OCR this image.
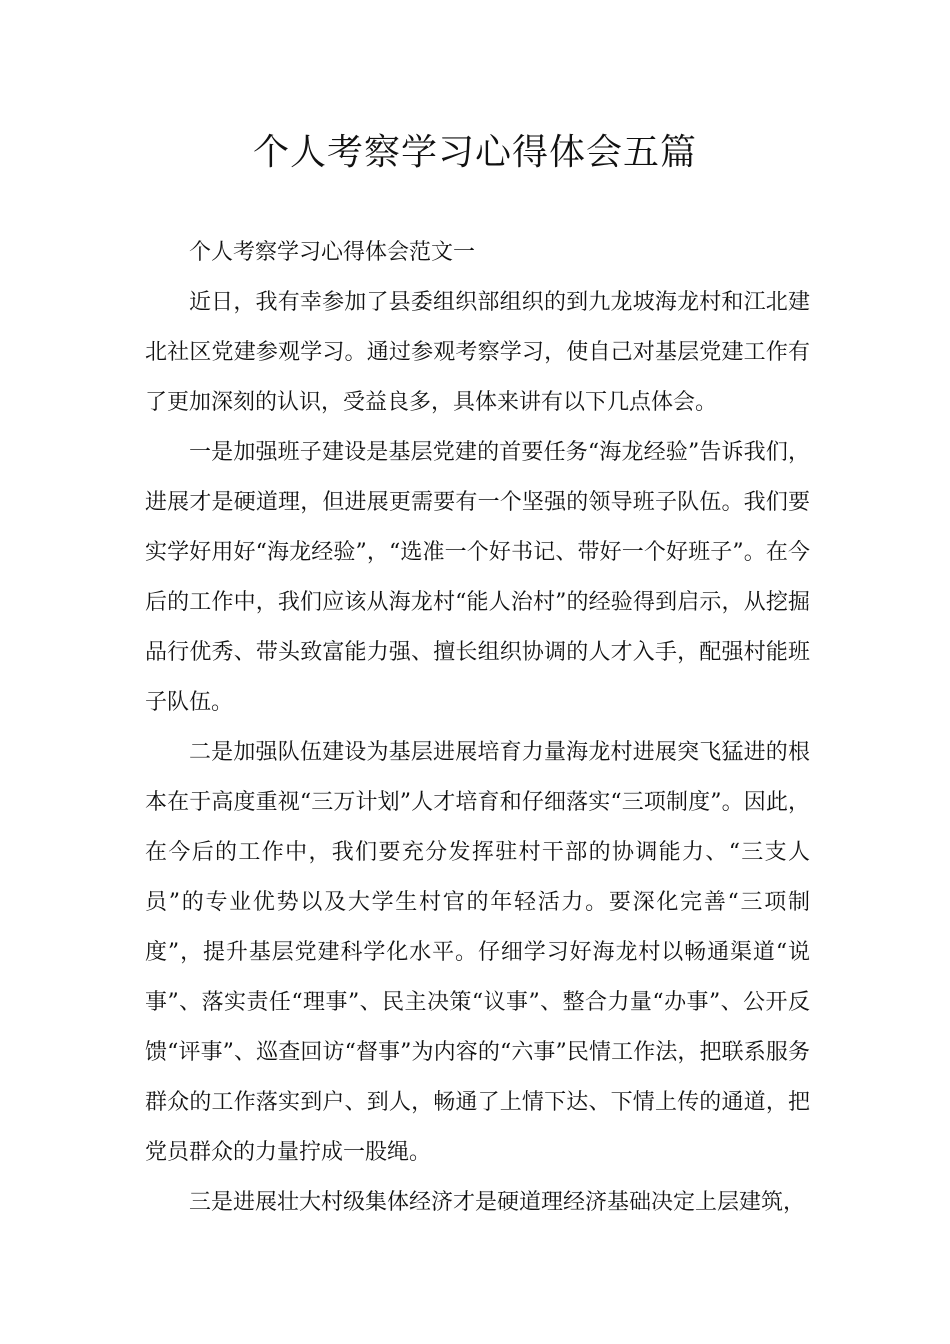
个人考察学习心得体会五篇

个人考察学习心得体会范文一

近日，我有幸参加了县委组织部组织的到九龙坡海龙村和江北建北社区党建参观学习。通过参观考察学习，使自己对基层党建工作有了更加深刻的认识，受益良多，具体来讲有以下几点体会。

一是加强班子建设是基层党建的首要任务“海龙经验”告诉我们，进展才是硬道理，但进展更需要有一个坚强的领导班子队伍。我们要实学好用好“海龙经验”，“选准一个好书记、带好一个好班子”。在今后的工作中，我们应该从海龙村“能人治村”的经验得到启示，从挖掘品行优秀、带头致富能力强、擅长组织协调的人才入手，配强村能班子队伍。

二是加强队伍建设为基层进展培育力量海龙村进展突飞猛进的根本在于高度重视“三万计划”人才培育和仔细落实“三项制度”。因此，在今后的工作中，我们要充分发挥驻村干部的协调能力、“三支人员”的专业优势以及大学生村官的年轻活力。要深化完善“三项制度”，提升基层党建科学化水平。仔细学习好海龙村以畅通渠道“说事”、落实责任“理事”、民主决策“议事”、整合力量“办事”、公开反馈“评事”、巡查回访“督事”为内容的“六事”民情工作法，把联系服务群众的工作落实到户、到人，畅通了上情下达、下情上传的通道，把党员群众的力量拧成一股绳。

三是进展壮大村级集体经济才是硬道理经济基础决定上层建筑，
